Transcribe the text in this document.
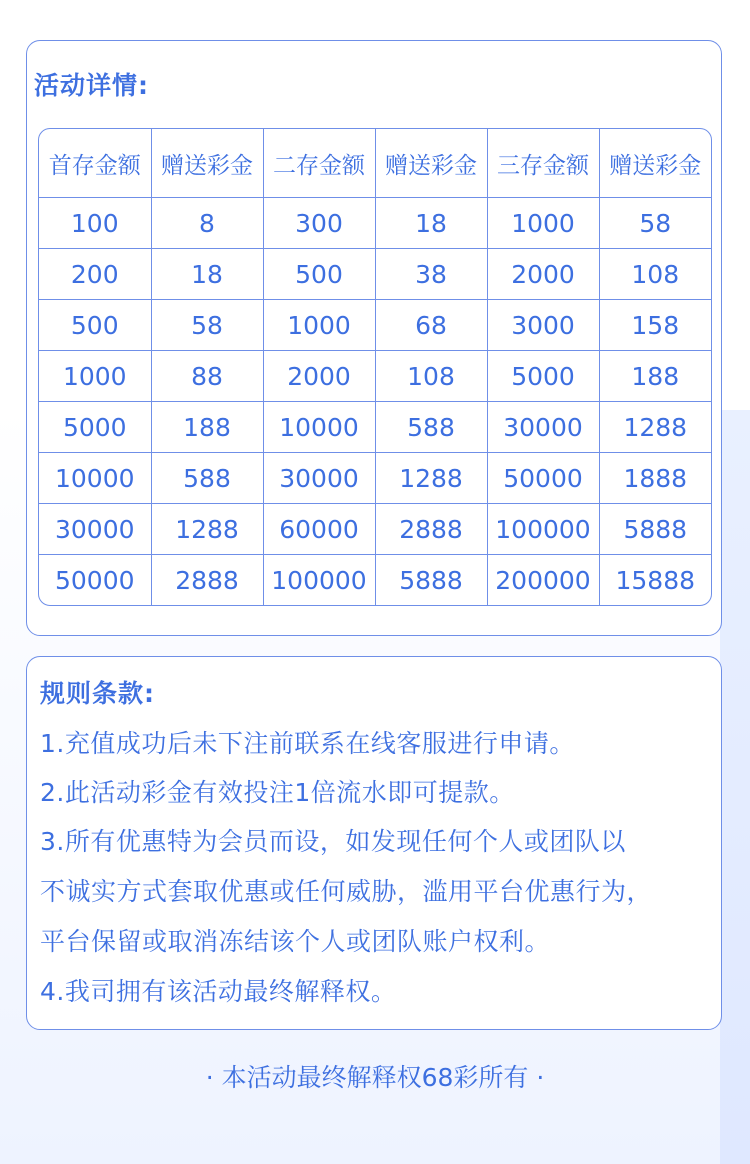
活动详情:
首存金额	赠送彩金	二存金额	赠送彩金	三存金额	赠送彩金
100	8	300	18	1000	58
200	18	500	38	2000	108
500	58	1000	68	3000	158
1000	88	2000	108	5000	188
5000	188	10000	588	30000	1288
10000	588	30000	1288	50000	1888
30000	1288	60000	2888	100000	5888
50000	2888	100000	5888	200000	15888
规则条款:
1.充值成功后未下注前联系在线客服进行申请。
2.此活动彩金有效投注1倍流水即可提款。
3.所有优惠特为会员而设，如发现任何个人或团队以
不诚实方式套取优惠或任何威胁，滥用平台优惠行为，
平台保留或取消冻结该个人或团队账户权利。
4.我司拥有该活动最终解释权。
· 本活动最终解释权68彩所有 ·
